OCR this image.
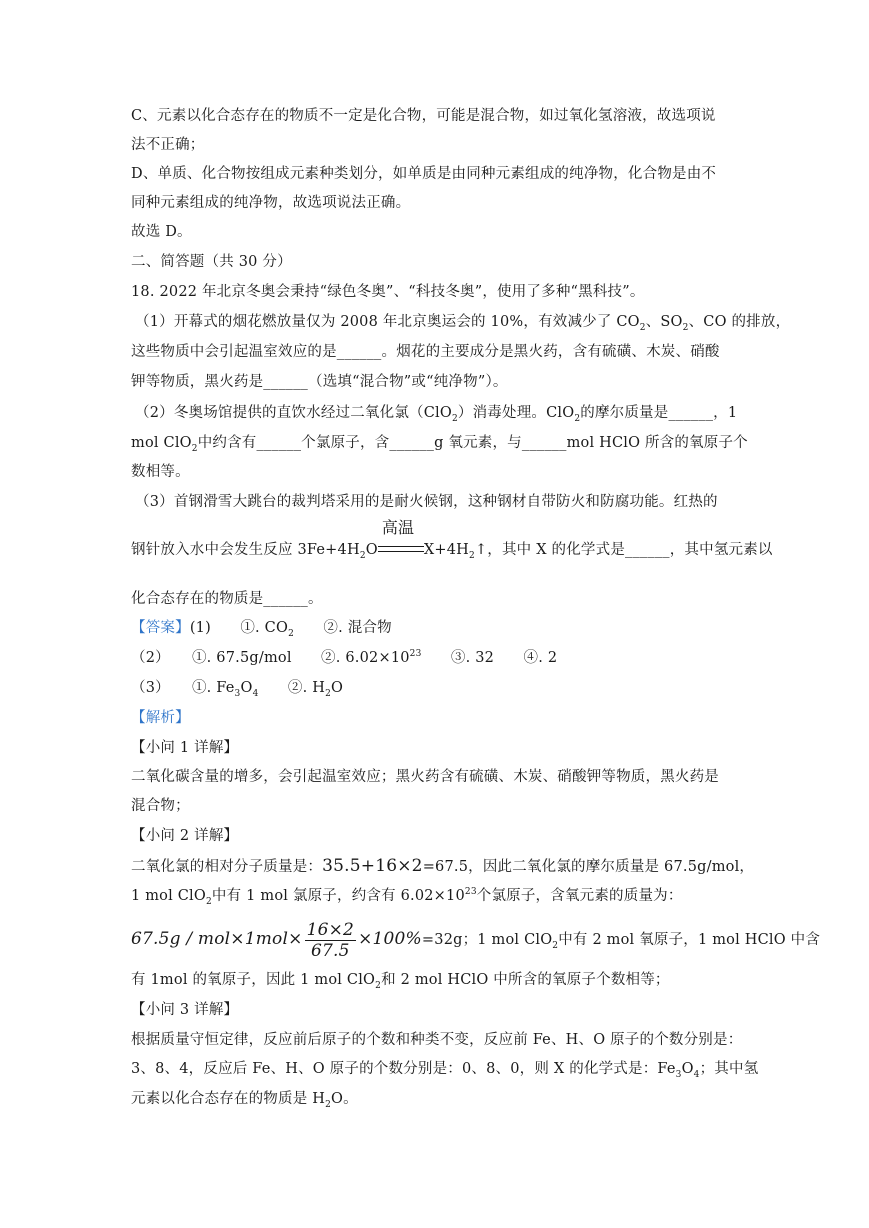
C、元素以化合态存在的物质不一定是化合物，可能是混合物，如过氧化氢溶液，故选项说
法不正确；
D、单质、化合物按组成元素种类划分，如单质是由同种元素组成的纯净物，化合物是由不
同种元素组成的纯净物，故选项说法正确。
故选 D。
二、简答题（共 30 分）
18. 2022 年北京冬奥会秉持“绿色冬奥”、“科技冬奥”，使用了多种“黑科技”。
（1）开幕式的烟花燃放量仅为 2008 年北京奥运会的 10%，有效减少了 $CO_2$、$SO_2$、CO 的排放，
这些物质中会引起温室效应的是______。烟花的主要成分是黑火药，含有硫磺、木炭、硝酸
钾等物质，黑火药是______（选填“混合物”或“纯净物”）。
（2）冬奥场馆提供的直饮水经过二氧化氯（ClO$_2$）消毒处理。ClO$_2$的摩尔质量是______，1
mol ClO$_2$中约含有______个氯原子，含______g 氧元素，与______mol HClO 所含的氧原子个
数相等。
（3）首钢滑雪大跳台的裁判塔采用的是耐火候钢，这种钢材自带防火和防腐功能。红热的
钢针放入水中会发生反应 $3Fe+4H_2O$
高温
$X+4H_2↑$，其中 X 的化学式是______，其中氢元素以
化合态存在的物质是______。
【答案】(1)　　①. $CO_2$　　②. 混合物
（2）　　①. 67.5g/mol　　②. $6.02\times 10^{23}$　　③. 32　　④. 2
（3）　　①. $Fe_3O_4$　　②. $H_2O$
【解析】
【小问 1 详解】
二氧化碳含量的增多，会引起温室效应；黑火药含有硫磺、木炭、硝酸钾等物质，黑火药是
混合物；
【小问 2 详解】
二氧化氯的相对分子质量是：35.5+16×2=67.5，因此二氧化氯的摩尔质量是 67.5g/mol，
1 mol ClO$_2$中有 1 mol 氯原子，约含有 $6.02\times 10^{23}$个氯原子，含氧元素的质量为：
$67.5g / mol\times 1mol\times \frac{16\times 2}{67.5} \times 100\%=32g$；1 mol ClO$_2$中有 2 mol 氧原子，1 mol HClO 中含
有 1mol 的氧原子，因此 1 mol ClO$_2$和 2 mol HClO 中所含的氧原子个数相等；
【小问 3 详解】
根据质量守恒定律，反应前后原子的个数和种类不变，反应前 Fe、H、O 原子的个数分别是：
3、8、4，反应后 Fe、H、O 原子的个数分别是：0、8、0，则 X 的化学式是：$Fe_3O_4$；其中氢
元素以化合态存在的物质是 $H_2O$。
